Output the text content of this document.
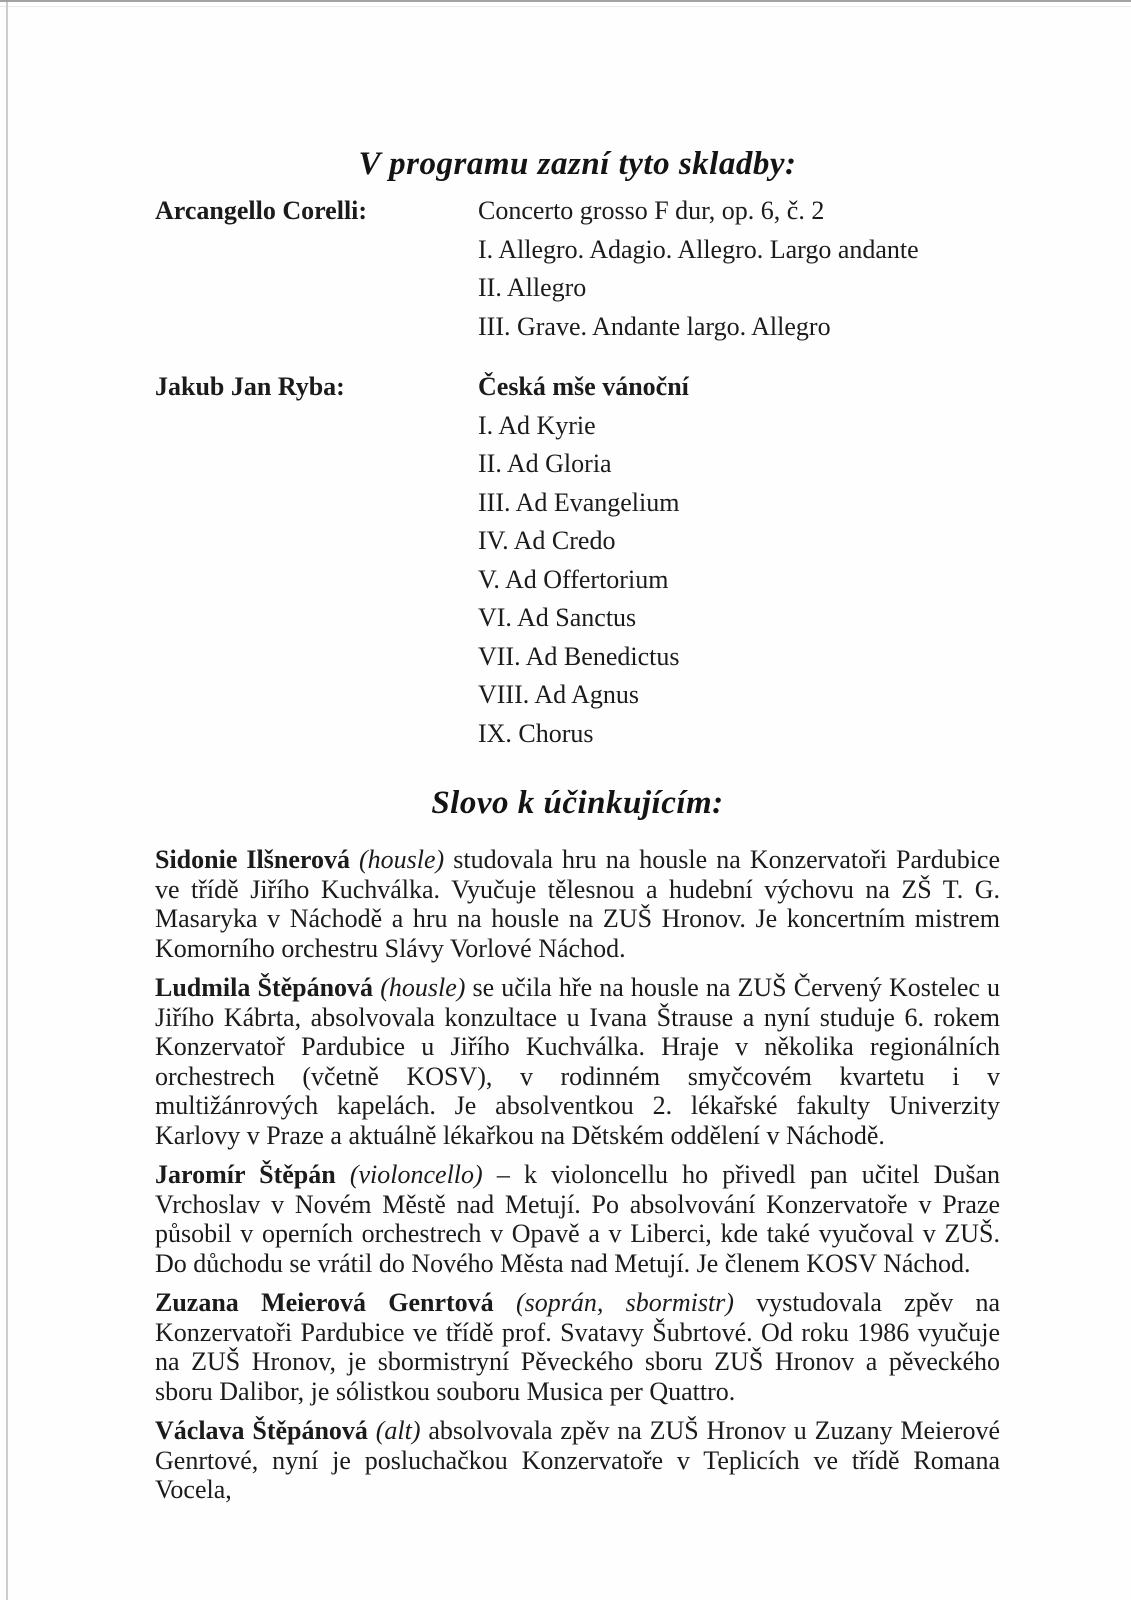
V programu zazní tyto skladby:
Arcangello Corelli:	Concerto grosso F dur, op. 6, č. 2
I. Allegro. Adagio. Allegro. Largo andante
II. Allegro
III. Grave. Andante largo. Allegro
Jakub Jan Ryba:	Česká mše vánoční
I. Ad Kyrie
II. Ad Gloria
III. Ad Evangelium
IV. Ad Credo
V. Ad Offertorium
VI. Ad Sanctus
VII. Ad Benedictus
VIII. Ad Agnus
IX. Chorus
Slovo k účinkujícím:

Sidonie Ilšnerová (housle) studovala hru na housle na Konzervatoři Pardubice ve třídě Jiřího Kuchválka. Vyučuje tělesnou a hudební výchovu na ZŠ T. G. Masaryka v Náchodě a hru na housle na ZUŠ Hronov. Je koncertním mistrem Komorního orchestru Slávy Vorlové Náchod.

Ludmila Štěpánová (housle) se učila hře na housle na ZUŠ Červený Kostelec u Jiřího Kábrta, absolvovala konzultace u Ivana Štrause a nyní studuje 6. rokem Konzervatoř Pardubice u Jiřího Kuchválka. Hraje v několika regionálních orchestrech (včetně KOSV), v rodinném smyčcovém kvartetu i v multižánrových kapelách. Je absolventkou 2. lékařské fakulty Univerzity Karlovy v Praze a aktuálně lékařkou na Dětském oddělení v Náchodě.

Jaromír Štěpán (violoncello) – k violoncellu ho přivedl pan učitel Dušan Vrchoslav v Novém Městě nad Metují. Po absolvování Konzervatoře v Praze působil v operních orchestrech v Opavě a v Liberci, kde také vyučoval v ZUŠ. Do důchodu se vrátil do Nového Města nad Metují. Je členem KOSV Náchod.

Zuzana Meierová Genrtová (soprán, sbormistr) vystudovala zpěv na Konzervatoři Pardubice ve třídě prof. Svatavy Šubrtové. Od roku 1986 vyučuje na ZUŠ Hronov, je sbormistryní Pěveckého sboru ZUŠ Hronov a pěveckého sboru Dalibor, je sólistkou souboru Musica per Quattro.

Václava Štěpánová (alt) absolvovala zpěv na ZUŠ Hronov u Zuzany Meierové Genrtové, nyní je posluchačkou Konzervatoře v Teplicích ve třídě Romana Vocela,
